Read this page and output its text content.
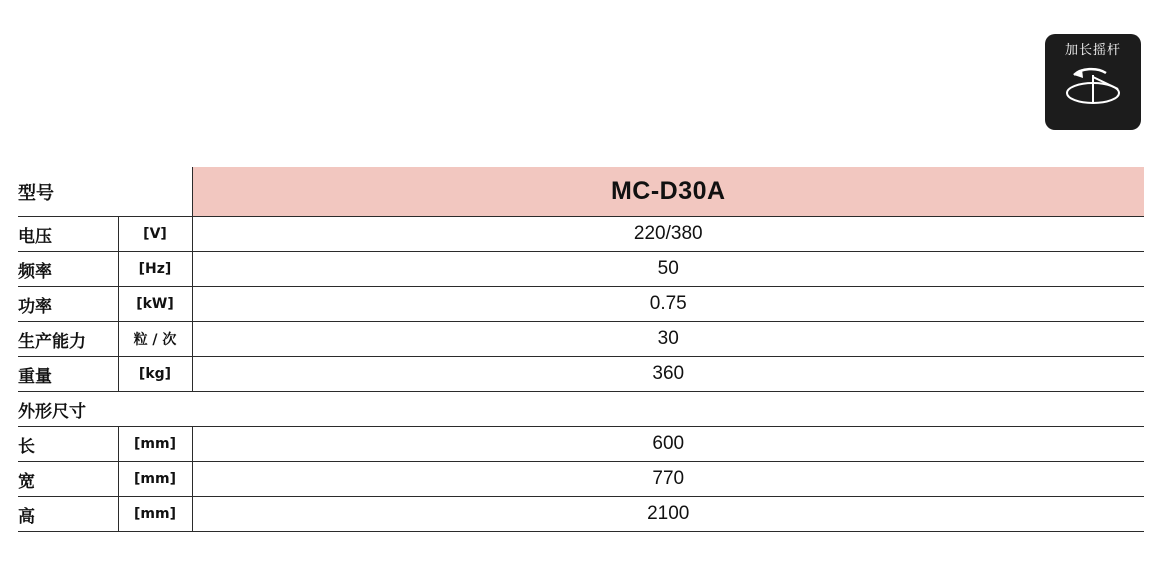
加长摇杆
型号		MC-D30A
电压	[V]	220/380
频率	[Hz]	50
功率	[kW]	0.75
生产能力	粒 / 次	30
重量	[kg]	360
外形尺寸		
长	[mm]	600
宽	[mm]	770
高	[mm]	2100
